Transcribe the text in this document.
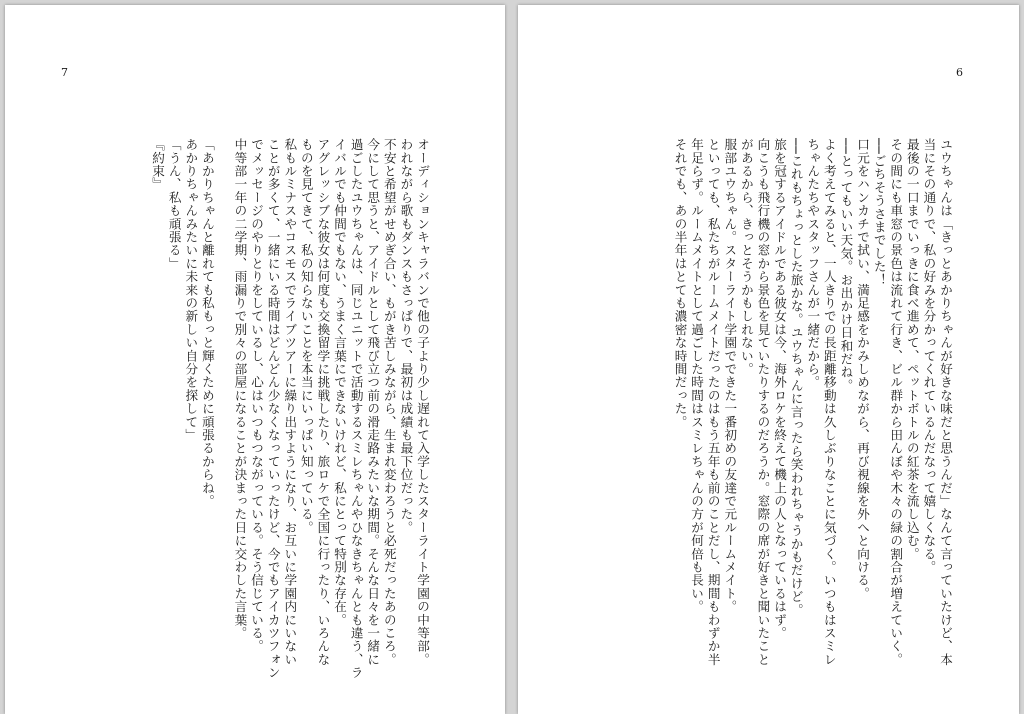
6
ユウちゃんは「きっとあかりちゃんが好きな味だと思うんだ」なんて言っていたけど、本
当にその通りで、私の好みを分かってくれているんだなって嬉しくなる。
最後の一口までいっきに食べ進めて、ペットボトルの紅茶を流し込む。
その間にも車窓の景色は流れて行き、ビル群から田んぼや木々の緑の割合が増えていく。
──ごちそうさまでした！
口元をハンカチで拭い、満足感をかみしめながら、再び視線を外へと向ける。
──とってもいい天気。お出かけ日和だね。
よく考えてみると、一人きりでの長距離移動は久しぶりなことに気づく。いつもはスミレ
ちゃんたちやスタッフさんが一緒だから。
──これもちょっとした旅かな。ユウちゃんに言ったら笑われちゃうかもだけど。
旅を冠するアイドルである彼女は今、海外ロケを終えて機上の人となっているはず。
向こうも飛行機の窓から景色を見ていたりするのだろうか。窓際の席が好きと聞いたこと
があるから、きっとそうかもしれない。
服部ユウちゃん。スターライト学園でできた一番初めの友達で元ルームメイト。
といっても、私たちがルームメイトだったのはもう五年も前のことだし、期間もわずか半
年足らず。ルームメイトとして過ごした時間はスミレちゃんの方が何倍も長い。
それでも、あの半年はとても濃密な時間だった。
7
オーディションキャラバンで他の子より少し遅れて入学したスターライト学園の中等部。
われながら歌もダンスもさっぱりで、最初は成績も最下位だった。
不安と希望がせめぎ合い、もがき苦しみながら、生まれ変わろうと必死だったあのころ。
今にして思うと、アイドルとして飛び立つ前の滑走路みたいな期間。そんな日々を一緒に
過ごしたユウちゃんは、同じユニットで活動するスミレちゃんやひなきちゃんとも違う、ラ
イバルでも仲間でもない、うまく言葉にできないけれど、私にとって特別な存在。
アグレッシブな彼女は何度も交換留学に挑戦したり、旅ロケで全国に行ったり、いろんな
ものを見てきて、私の知らないことを本当にいっぱい知っている。
私もルミナスやコスモスでライブツアーに繰り出すようになり、お互いに学園内にいない
ことが多くて、一緒にいる時間はどんどん少なくなっていったけど、今でもアイカツフォン
でメッセージのやりとりをしているし、心はいつもつながっている。そう信じている。
中等部一年の二学期、雨漏りで別々の部屋になることが決まった日に交わした言葉。
「あかりちゃんと離れても私もっと輝くために頑張るからね。
あかりちゃんみたいに未来の新しい自分を探して」
「うん、私も頑張る」
『約束』
